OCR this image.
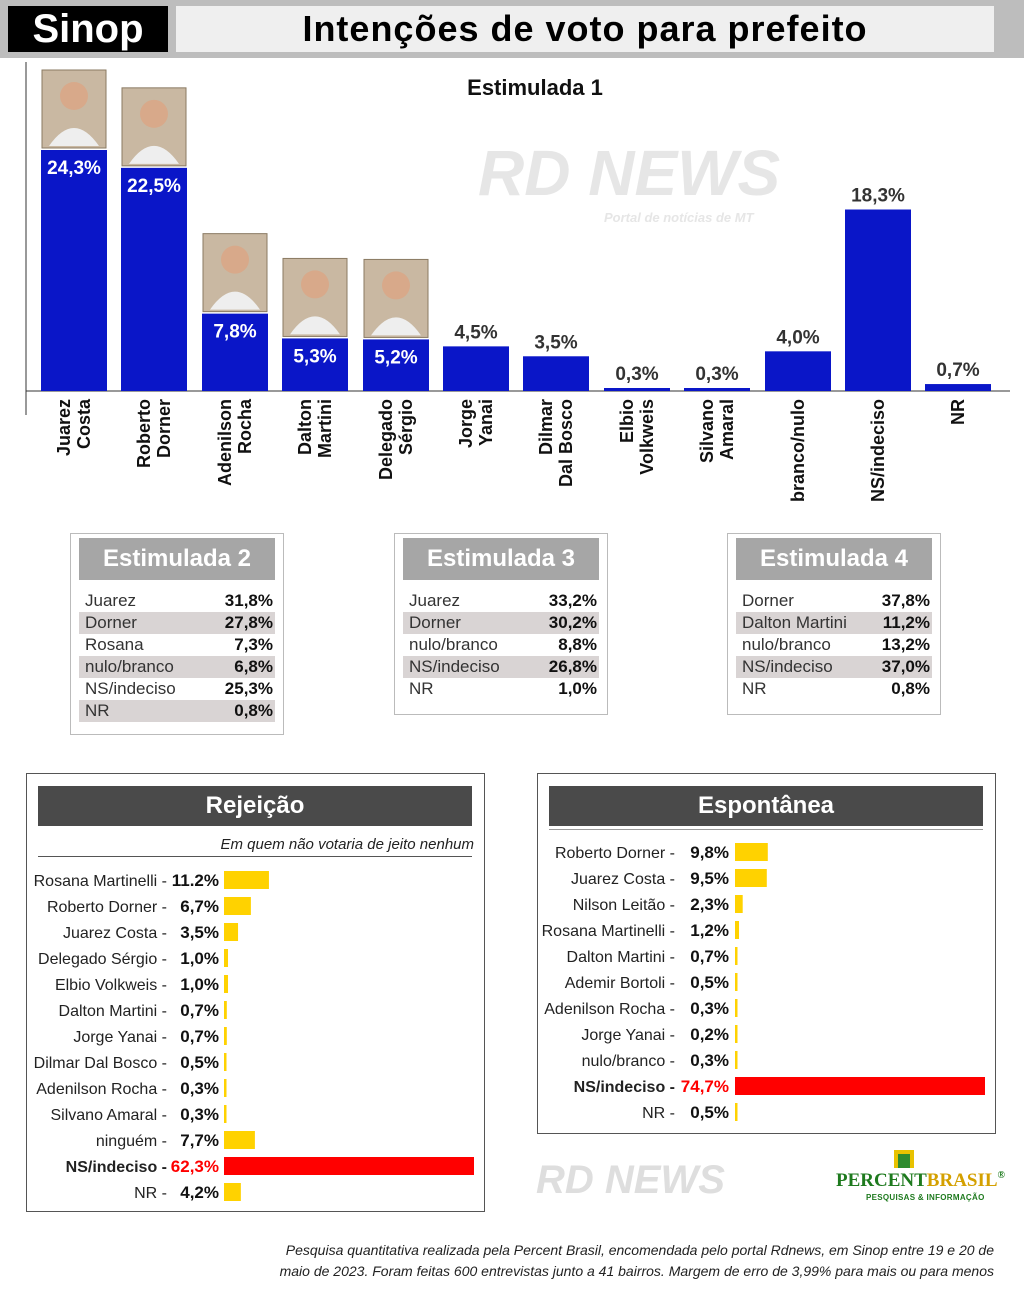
Sinop	Intenções de voto para prefeito
RD NEWS
Portal de notícias de MT
Estimulada 1
24,3%
Juarez Costa
22,5%
Roberto Dorner
7,8%
Adenilson Rocha
5,3%
Dalton Martini
5,2%
Delegado Sérgio
4,5%
Jorge Yanai
3,5%
Dilmar Dal Bosco
0,3%
Elbio Volkweis
0,3%
Silvano Amaral
4,0%
branco/nulo
18,3%
NS/indeciso
0,7%
NR
Estimulada 2
Juarez	31,8%
Dorner	27,8%
Rosana	7,3%
nulo/branco	6,8%
NS/indeciso	25,3%
NR	0,8%
Estimulada 3
Juarez	33,2%
Dorner	30,2%
nulo/branco	8,8%
NS/indeciso	26,8%
NR	1,0%
Estimulada 4
Dorner	37,8%
Dalton Martini 11,2%
nulo/branco	13,2%
NS/indeciso	37,0%
NR	0,8%
Rejeição
Em quem não votaria de jeito nenhum
Rosana Martinelli - 11.2%
Roberto Dorner - 6,7%
Juarez Costa - 3,5%
Delegado Sérgio - 1,0%
Elbio Volkweis - 1,0%
Dalton Martini - 0,7%
Jorge Yanai - 0,7%
Dilmar Dal Bosco - 0,5%
Adenilson Rocha - 0,3%
Silvano Amaral - 0,3%
ninguém - 7,7%
NS/indeciso - 62,3%
NR - 4,2%
Espontânea
Roberto Dorner - 9,8%
Juarez Costa - 9,5%
Nilson Leitão - 2,3%
Rosana Martinelli - 1,2%
Dalton Martini - 0,7%
Ademir Bortoli - 0,5%
Adenilson Rocha - 0,3%
Jorge Yanai - 0,2%
nulo/branco - 0,3%
NS/indeciso - 74,7%
NR - 0,5%
RD NEWS	PERCENTBRASIL®
PESQUISAS & INFORMAÇÃO
Pesquisa quantitativa realizada pela Percent Brasil, encomendada pelo portal Rdnews, em Sinop entre 19 e 20 de
maio de 2023. Foram feitas 600 entrevistas junto a 41 bairros. Margem de erro de 3,99% para mais ou para menos
